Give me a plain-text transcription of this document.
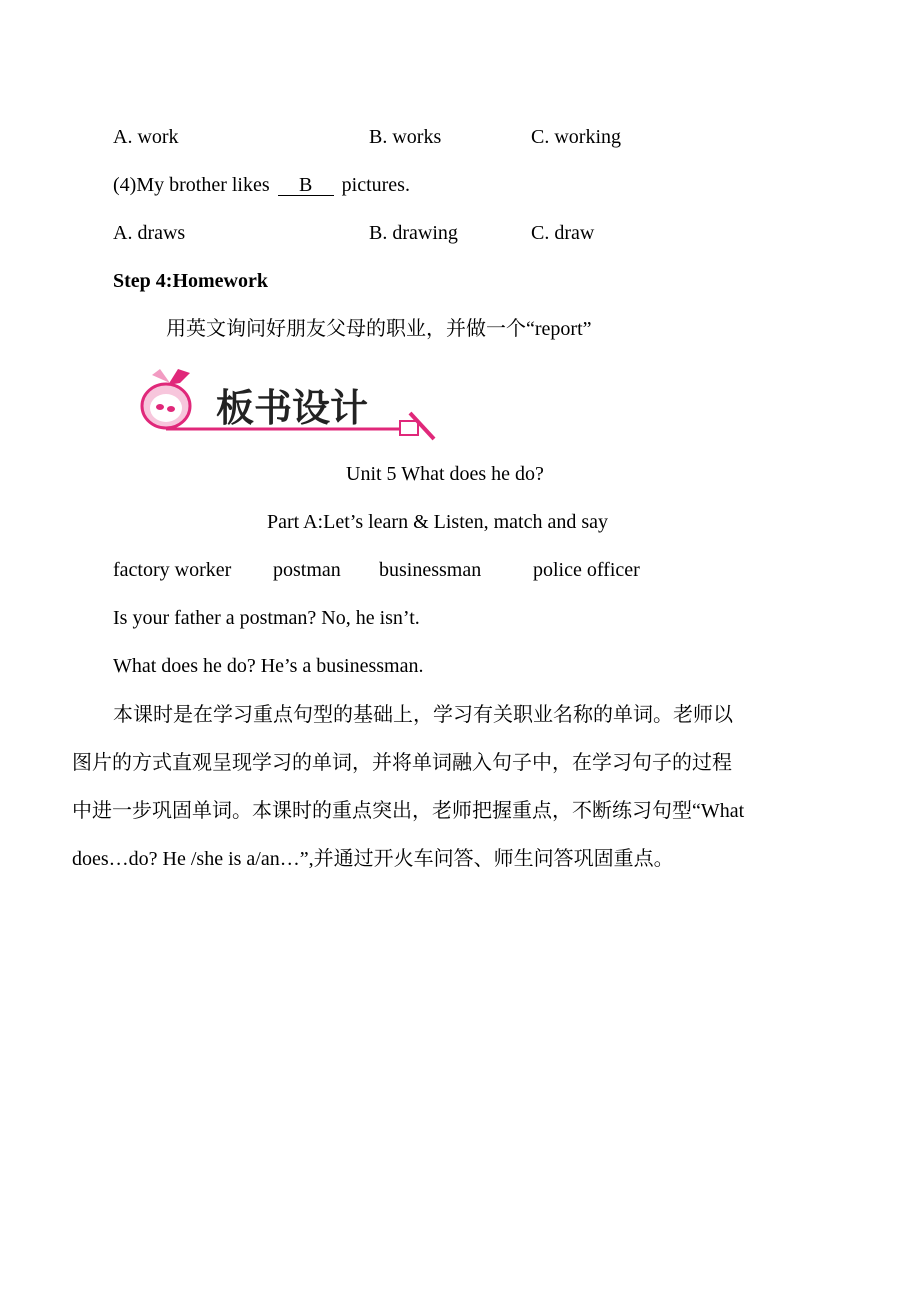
A. work	B. works	C. working
(4)My brother likes B pictures.
A. draws	B. drawing	C. draw
Step 4:Homework
用英文询问好朋友父母的职业，并做一个“report”
板书设计
Unit 5 What does he do?
Part A:Let’s learn & Listen, match and say
factory worker postman businessman	police officer
Is your father a postman? No, he isn’t.
What does he do? He’s a businessman.
本课时是在学习重点句型的基础上，学习有关职业名称的单词。老师以
图片的方式直观呈现学习的单词，并将单词融入句子中，在学习句子的过程
中进一步巩固单词。本课时的重点突出，老师把握重点，不断练习句型“What
does…do? He /she is a/an…”,并通过开火车问答、师生问答巩固重点。
